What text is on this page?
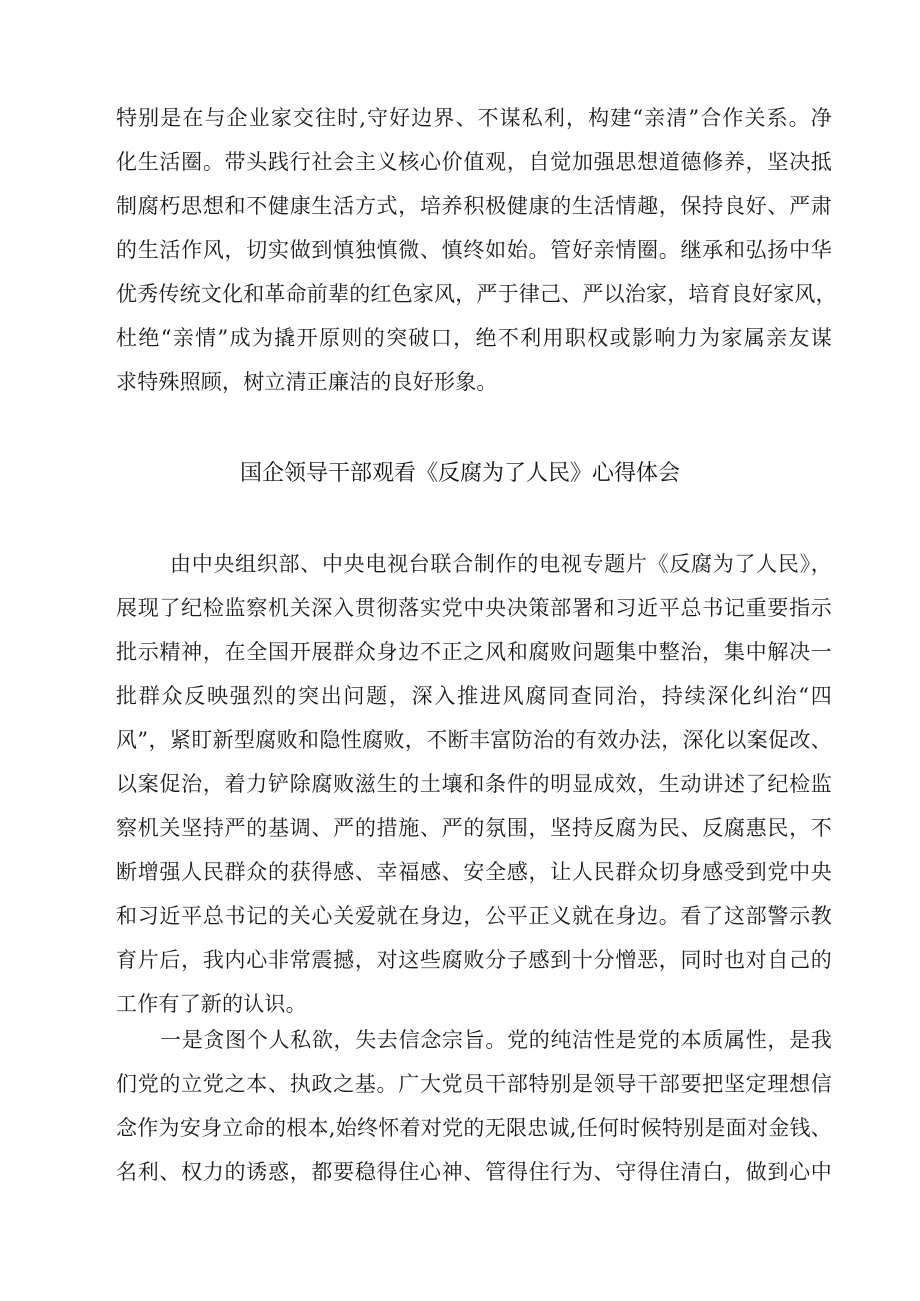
特别是在与企业家交往时,守好边界、不谋私利，构建“亲清”合作关系。净
化生活圈。带头践行社会主义核心价值观，自觉加强思想道德修养，坚决抵
制腐朽思想和不健康生活方式，培养积极健康的生活情趣，保持良好、严肃
的生活作风，切实做到慎独慎微、慎终如始。管好亲情圈。继承和弘扬中华
优秀传统文化和革命前辈的红色家风，严于律己、严以治家，培育良好家风，
杜绝“亲情”成为撬开原则的突破口，绝不利用职权或影响力为家属亲友谋
求特殊照顾，树立清正廉洁的良好形象。
国企领导干部观看《反腐为了人民》心得体会
由中央组织部、中央电视台联合制作的电视专题片《反腐为了人民》，
展现了纪检监察机关深入贯彻落实党中央决策部署和习近平总书记重要指示
批示精神，在全国开展群众身边不正之风和腐败问题集中整治，集中解决一
批群众反映强烈的突出问题，深入推进风腐同查同治，持续深化纠治“四
风”，紧盯新型腐败和隐性腐败，不断丰富防治的有效办法，深化以案促改、
以案促治，着力铲除腐败滋生的土壤和条件的明显成效，生动讲述了纪检监
察机关坚持严的基调、严的措施、严的氛围，坚持反腐为民、反腐惠民，不
断增强人民群众的获得感、幸福感、安全感，让人民群众切身感受到党中央
和习近平总书记的关心关爱就在身边，公平正义就在身边。看了这部警示教
育片后，我内心非常震撼，对这些腐败分子感到十分憎恶，同时也对自己的
工作有了新的认识。
一是贪图个人私欲，失去信念宗旨。党的纯洁性是党的本质属性，是我
们党的立党之本、执政之基。广大党员干部特别是领导干部要把坚定理想信
念作为安身立命的根本,始终怀着对党的无限忠诚,任何时候特别是面对金钱、
名利、权力的诱惑，都要稳得住心神、管得住行为、守得住清白，做到心中
